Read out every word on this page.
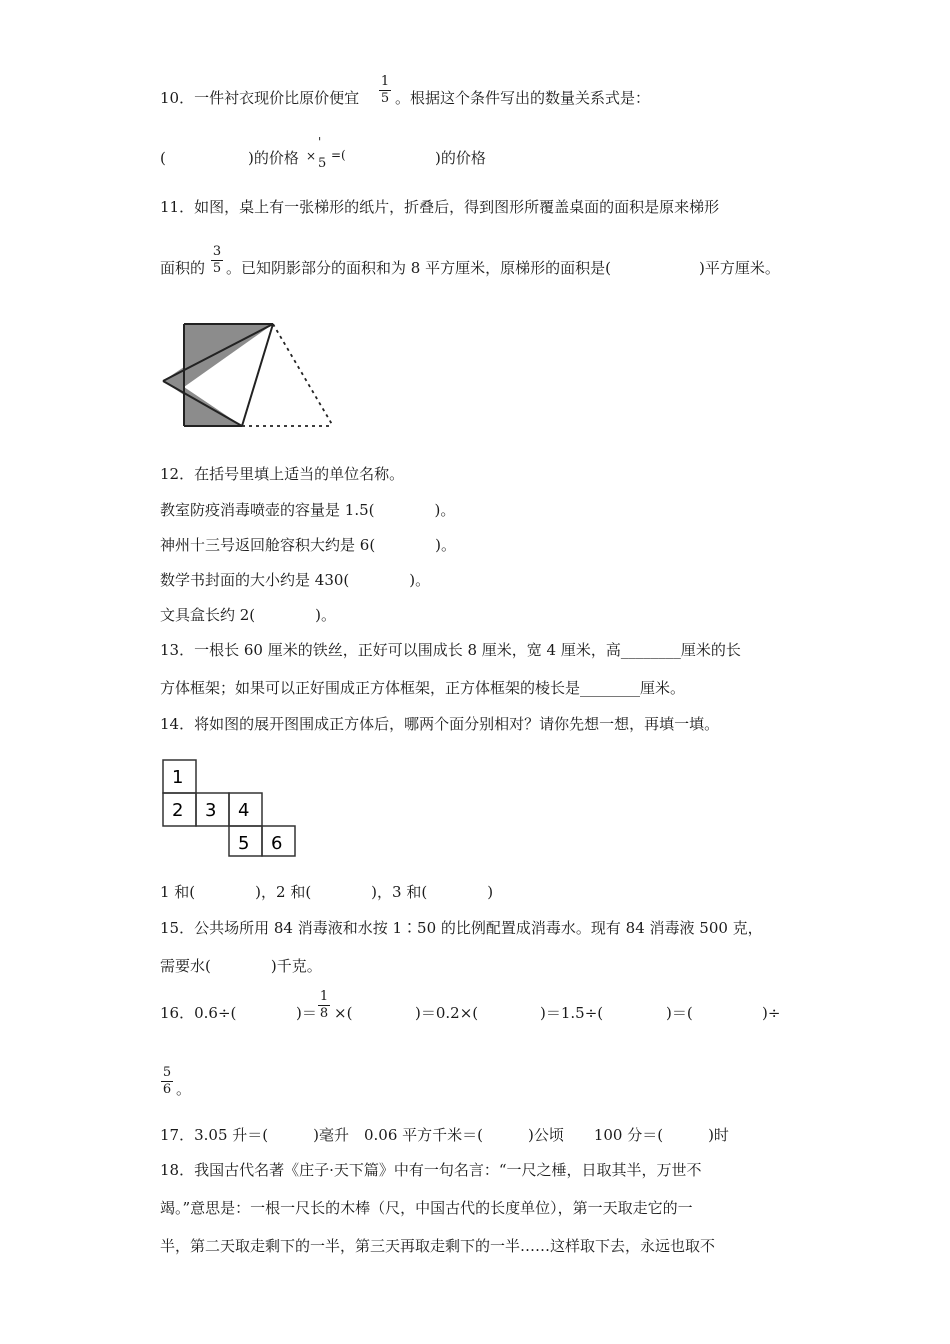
10．一件衬衣现价比原价便宜 $\frac{1}{5}$ 。根据这个条件写出的数量关系式是：
(	)的价格 ×
'
5
=(	)的价格
11．如图，桌上有一张梯形的纸片，折叠后，得到图形所覆盖桌面的面积是原来梯形
面积的 $\frac{3}{5}$ 。已知阴影部分的面积和为 8 平方厘米，原梯形的面积是(	)平方厘米。
12．在括号里填上适当的单位名称。
教室防疫消毒喷壶的容量是 1.5(　　　　)。
神州十三号返回舱容积大约是 6(　　　　)。
数学书封面的大小约是 430(　　　　)。
文具盒长约 2(　　　　)。
13．一根长 60 厘米的铁丝，正好可以围成长 8 厘米，宽 4 厘米，高________厘米的长
方体框架；如果可以正好围成正方体框架，正方体框架的棱长是________厘米。
14．将如图的展开图围成正方体后，哪两个面分别相对？请你先想一想，再填一填。
1
2 3 4
5 6
1 和(　　　　)，2 和(　　　　)，3 和(　　　　)
15．公共场所用 84 消毒液和水按 1∶50 的比例配置成消毒水。现有 84 消毒液 500 克，
需要水(　　　　)千克。
16．0.6÷(	)＝ $\frac{1}{8}$ ×(	)＝0.2×(	)＝1.5÷(	)＝(	)÷
$\frac{5}{6}$ 。
17．3.05 升＝(　　　)毫升　0.06 平方千米＝(　　　)公顷　　100 分＝(　　　)时
18．我国古代名著《庄子·天下篇》中有一句名言：“一尺之棰，日取其半，万世不
竭。”意思是：一根一尺长的木棒（尺，中国古代的长度单位），第一天取走它的一
半，第二天取走剩下的一半，第三天再取走剩下的一半……这样取下去，永远也取不
